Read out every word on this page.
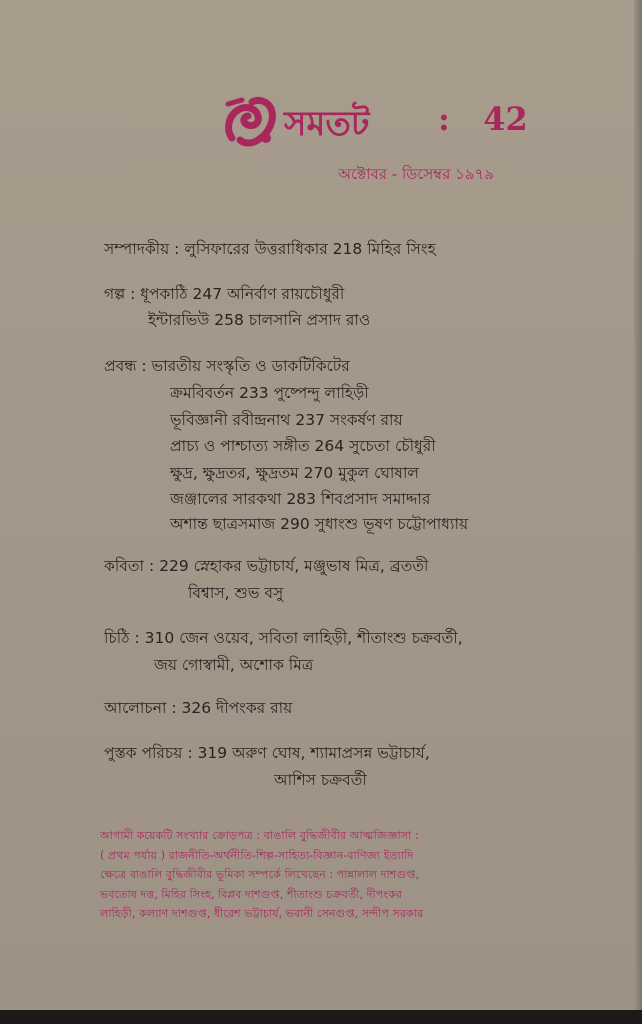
সমতট : 42
অক্টোবর - ডিসেম্বর ১৯৭৯
সম্পাদকীয় : লুসিফারের উত্তরাধিকার 218 মিহির সিংহ
গল্প : ধূপকাঠি 247 অনির্বাণ রায়চৌধুরী
ইন্টারভিউ 258 চালসানি প্রসাদ রাও
প্রবন্ধ : ভারতীয় সংস্কৃতি ও ডাকটিকিটের
ক্রমবিবর্তন 233 পুষ্পেন্দু লাহিড়ী
ভূবিজ্ঞানী রবীন্দ্রনাথ 237 সংকর্ষণ রায়
প্রাচ্য ও পাশ্চাত্য সঙ্গীত 264 সুচেতা চৌধুরী
ক্ষুদ্র, ক্ষুদ্রতর, ক্ষুদ্রতম 270 মুকুল ঘোষাল
জঞ্জালের সারকথা 283 শিবপ্রসাদ সমাদ্দার
অশান্ত ছাত্রসমাজ 290 সুধাংশু ভূষণ চট্টোপাধ্যায়
কবিতা : 229 স্নেহাকর ভট্টাচার্য, মঞ্জুভাষ মিত্র, ব্রততী
বিশ্বাস, শুভ বসু
চিঠি : 310 জেন ওয়েব, সবিতা লাহিড়ী, শীতাংশু চক্রবর্তী,
জয় গোস্বামী, অশোক মিত্র
আলোচনা : 326 দীপংকর রায়
পুস্তক পরিচয় : 319 অরুণ ঘোষ, শ্যামাপ্রসন্ন ভট্টাচার্য,
আশিস চক্রবর্তী
আগামী কয়েকটি সংখ্যার ক্রোড়পত্র : বাঙালি বুদ্ধিজীবীর আত্মজিজ্ঞাসা :
( প্রথম পর্যায় ) রাজনীতি-অর্থনীতি-শিল্প-সাহিত্য-বিজ্ঞান-বাণিজ্য ইত্যাদি
ক্ষেত্রে বাঙালি বুদ্ধিজীবীর ভূমিকা সম্পর্কে লিখেছেন : পান্নালাল দাশগুপ্ত,
ভবতোষ দত্ত, মিহির সিংহ, বিপ্লব দাশগুপ্ত, শীতাংশু চক্রবর্তী, দীপংকর
লাহিড়ী, কল্যাণ দাশগুপ্ত, ধীরেশ ভট্টাচার্য, ভবানী সেনগুপ্ত, সন্দীপ সরকার
